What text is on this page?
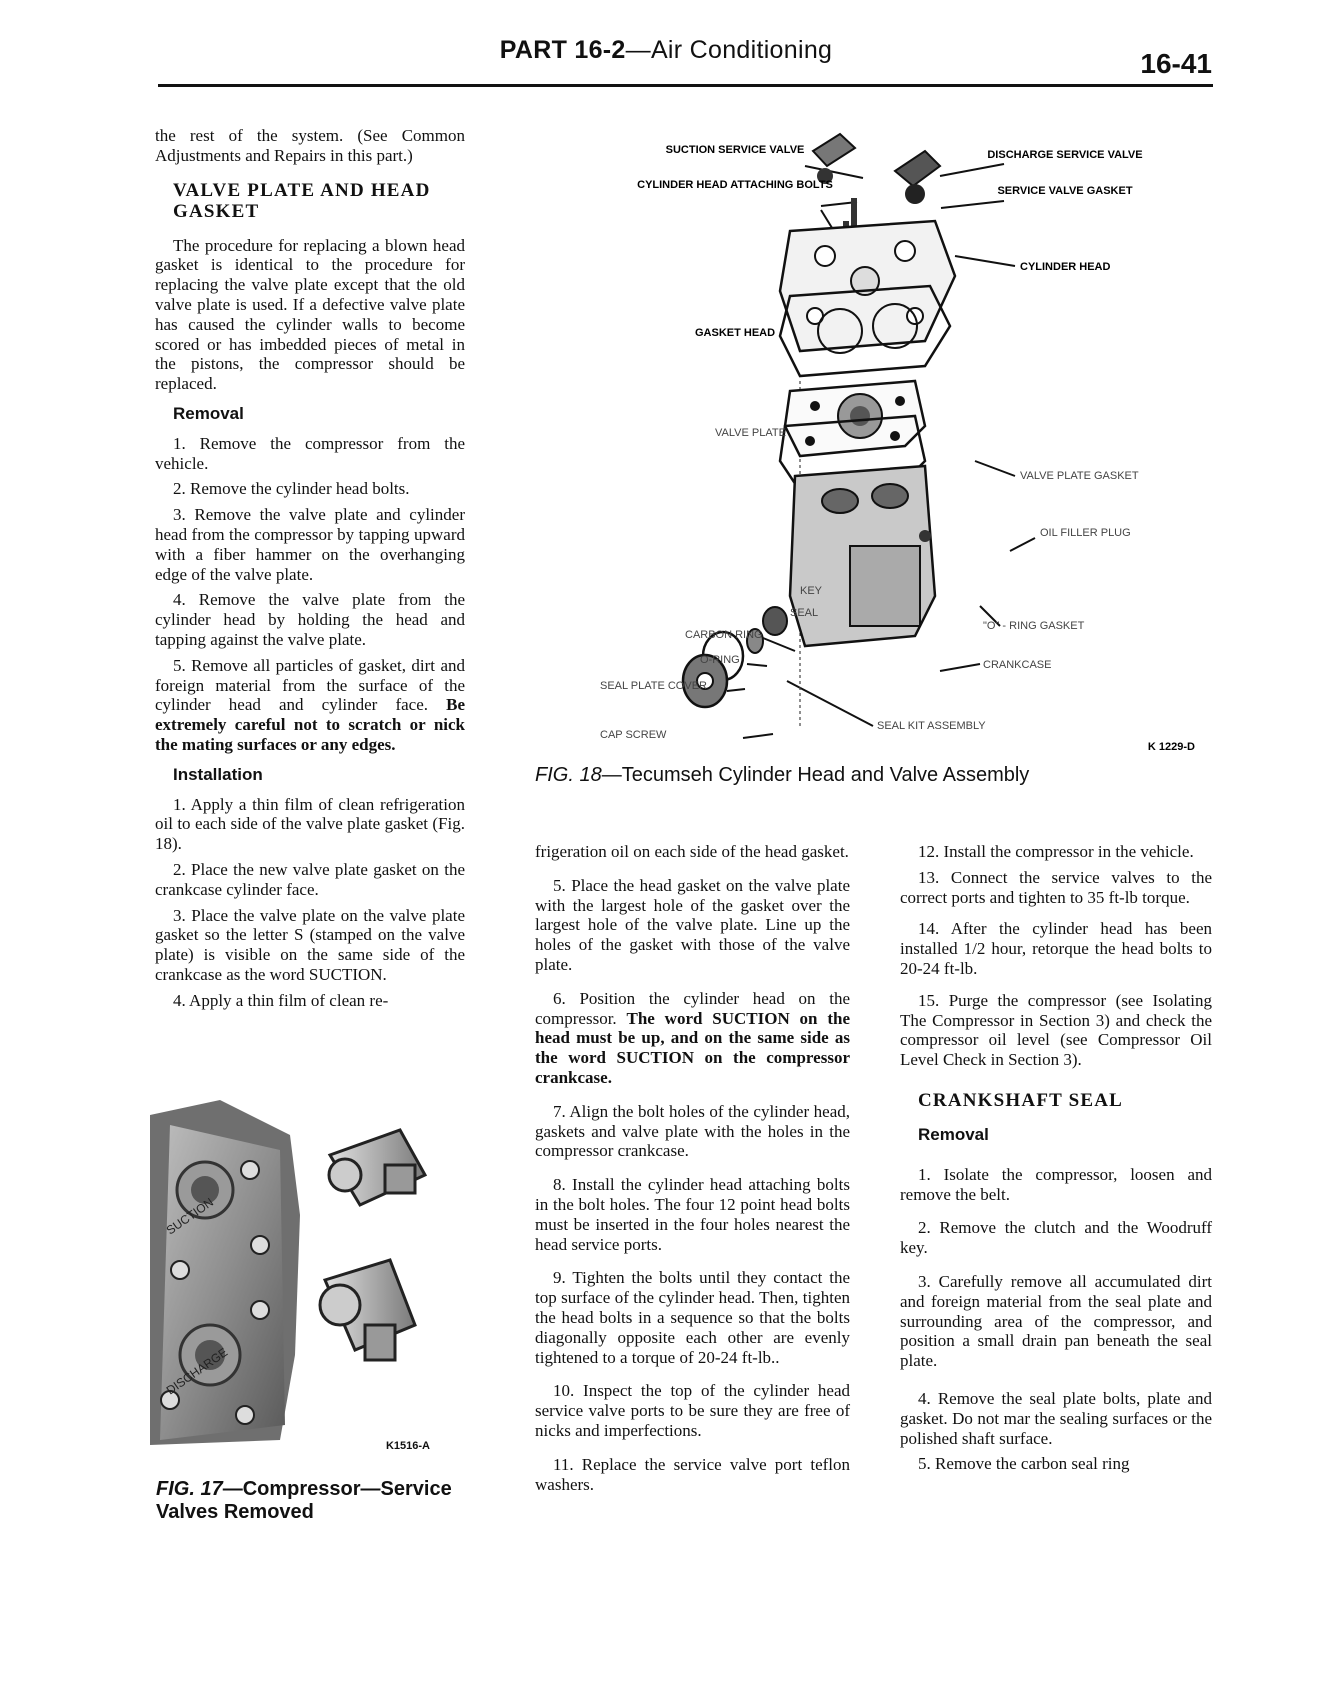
PART 16-2—Air Conditioning	16-41

the rest of the system. (See Common Adjustments and Repairs in this part.)

VALVE PLATE AND HEAD GASKET

The procedure for replacing a blown head gasket is identical to the procedure for replacing the valve plate except that the old valve plate is used. If a defective valve plate has caused the cylinder walls to become scored or has imbedded pieces of metal in the pistons, the compressor should be replaced.

Removal

1. Remove the compressor from the vehicle.

2. Remove the cylinder head bolts.

3. Remove the valve plate and cylinder head from the compressor by tapping upward with a fiber hammer on the overhanging edge of the valve plate.

4. Remove the valve plate from the cylinder head by holding the head and tapping against the valve plate.

5. Remove all particles of gasket, dirt and foreign material from the surface of the cylinder head and cylinder face. Be extremely careful not to scratch or nick the mating surfaces or any edges.

Installation

1. Apply a thin film of clean refrigeration oil to each side of the valve plate gasket (Fig. 18).

2. Place the new valve plate gasket on the crankcase cylinder face.

3. Place the valve plate on the valve plate gasket so the letter S (stamped on the valve plate) is visible on the same side of the crankcase as the word SUCTION.

4. Apply a thin film of clean re-

SUCTION
DISCHARGE
K1516-A
FIG. 17—Compressor—Service Valves Removed
SUCTION SERVICE VALVE
CYLINDER HEAD ATTACHING BOLTS
DISCHARGE SERVICE VALVE
SERVICE VALVE GASKET
CYLINDER HEAD
GASKET HEAD
VALVE PLATE
VALVE PLATE GASKET
OIL FILLER PLUG
KEY
SEAL
CARBON RING
O-RING
SEAL PLATE COVER
CAP SCREW
"O" - RING GASKET
CRANKCASE
SEAL KIT ASSEMBLY
K 1229-D
FIG. 18—Tecumseh Cylinder Head and Valve Assembly

frigeration oil on each side of the head gasket.

5. Place the head gasket on the valve plate with the largest hole of the gasket over the largest hole of the valve plate. Line up the holes of the gasket with those of the valve plate.

6. Position the cylinder head on the compressor. The word SUCTION on the head must be up, and on the same side as the word SUCTION on the compressor crankcase.

7. Align the bolt holes of the cylinder head, gaskets and valve plate with the holes in the compressor crankcase.

8. Install the cylinder head attaching bolts in the bolt holes. The four 12 point head bolts must be inserted in the four holes nearest the head service ports.

9. Tighten the bolts until they contact the top surface of the cylinder head. Then, tighten the head bolts in a sequence so that the bolts diagonally opposite each other are evenly tightened to a torque of 20-24 ft-lb..

10. Inspect the top of the cylinder head service valve ports to be sure they are free of nicks and imperfections.

11. Replace the service valve port teflon washers.

12. Install the compressor in the vehicle.

13. Connect the service valves to the correct ports and tighten to 35 ft-lb torque.

14. After the cylinder head has been installed 1/2 hour, retorque the head bolts to 20-24 ft-lb.

15. Purge the compressor (see Isolating The Compressor in Section 3) and check the compressor oil level (see Compressor Oil Level Check in Section 3).

CRANKSHAFT SEAL
Removal

1. Isolate the compressor, loosen and remove the belt.

2. Remove the clutch and the Woodruff key.

3. Carefully remove all accumulated dirt and foreign material from the seal plate and surrounding area of the compressor, and position a small drain pan beneath the seal plate.

4. Remove the seal plate bolts, plate and gasket. Do not mar the sealing surfaces or the polished shaft surface.

5. Remove the carbon seal ring
